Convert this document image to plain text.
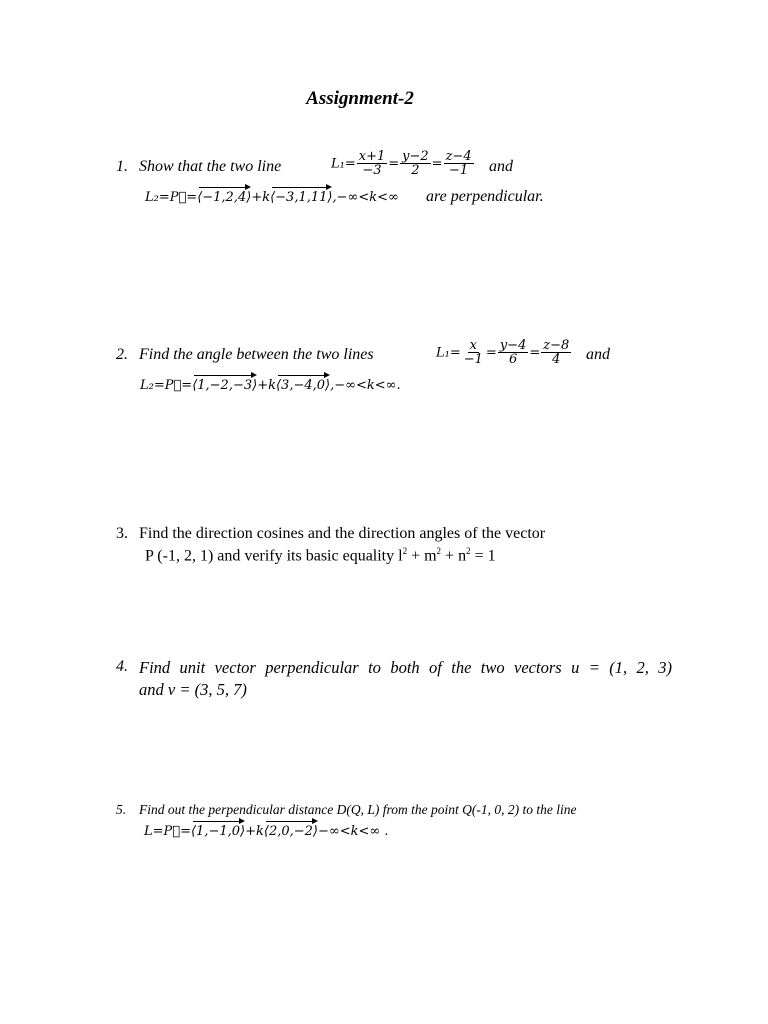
Assignment-2
1. Show that the two line	$L_1= \frac{x+1}{-3} = \frac{y-2}{2} = \frac{z-4}{-1}$ and
L₂=P⃗=⟨−1,2,4⟩+k⟨−3,1,11⟩,−∞<k<∞ are perpendicular.
2. Find the angle between the two lines	$L_1= \frac{x}{-1} = \frac{y-4}{6} = \frac{z-8}{4}$ and
L₂=P⃗=⟨1,−2,−3⟩+k⟨3,−4,0⟩,−∞<k<∞.
3. Find the direction cosines and the direction angles of the vector
P (-1, 2, 1) and verify its basic equality $l^2 + m^2 + n^2 = 1$
4. Find unit vector perpendicular to both of the two vectors u = (1, 2, 3)
and v = (3, 5, 7)
5. Find out the perpendicular distance D(Q, L) from the point Q(-1, 0, 2) to the line
L=P⃗=⟨1,−1,0⟩+k⟨2,0,−2⟩−∞<k<∞ .
